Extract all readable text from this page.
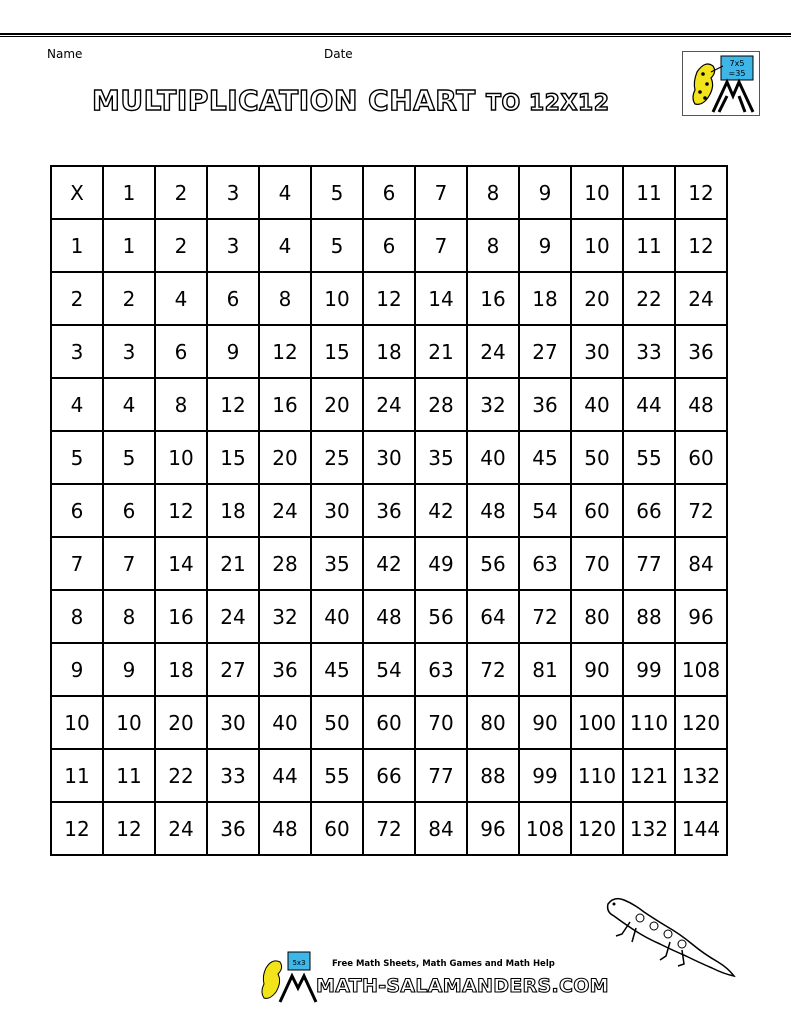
Name	Date
MULTIPLICATION CHART TO 12X12
7x5
=35
X	1	2	3	4	5	6	7	8	9	10	11	12
1	1	2	3	4	5	6	7	8	9	10	11	12
2	2	4	6	8	10	12	14	16	18	20	22	24
3	3	6	9	12	15	18	21	24	27	30	33	36
4	4	8	12	16	20	24	28	32	36	40	44	48
5	5	10	15	20	25	30	35	40	45	50	55	60
6	6	12	18	24	30	36	42	48	54	60	66	72
7	7	14	21	28	35	42	49	56	63	70	77	84
8	8	16	24	32	40	48	56	64	72	80	88	96
9	9	18	27	36	45	54	63	72	81	90	99	108
10	10	20	30	40	50	60	70	80	90	100	110	120
11	11	22	33	44	55	66	77	88	99	110	121	132
12	12	24	36	48	60	72	84	96	108	120	132	144
5x3	Free Math Sheets, Math Games and Math Help
MATH-SALAMANDERS.COM
